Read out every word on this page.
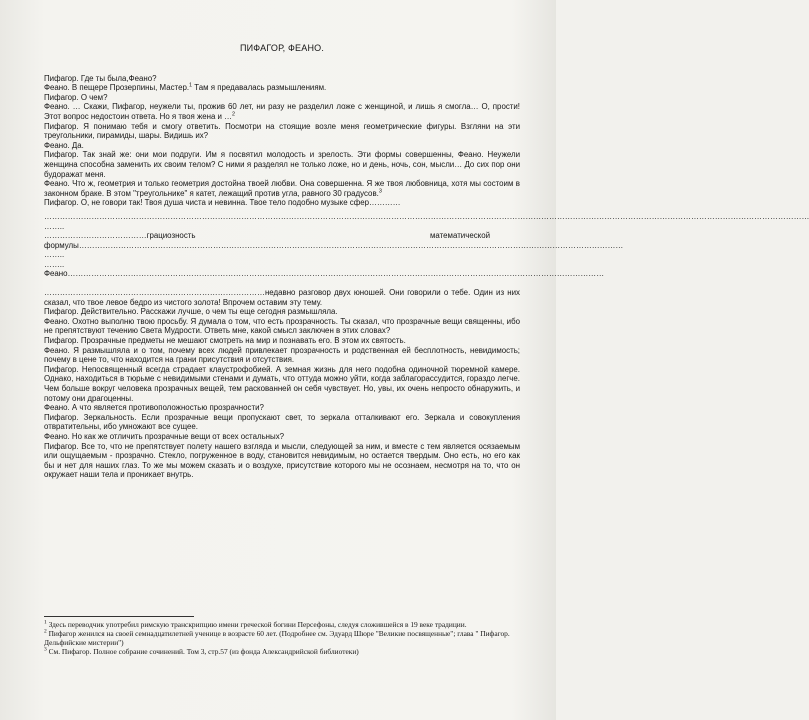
ПИФАГОР, ФЕАНО.

Пифагор. Где ты была,Феано?

Феано. В пещере Прозерпины, Мастер.$^1$ Там я предавалась размышлениям.

Пифагор. О чем?

Феано. … Скажи, Пифагор, неужели ты, прожив 60 лет, ни разу не разделил ложе с женщиной, и лишь я смогла… О, прости! Этот вопрос недостоин ответа. Но я твоя жена и …$^2$

Пифагор. Я понимаю тебя и смогу ответить. Посмотри на стоящие возле меня геометрические фигуры. Взгляни на эти треугольники, пирамиды, шары. Видишь их?

Феано. Да.

Пифагор. Так знай же: они мои подруги. Им я посвятил молодость и зрелость. Эти формы совершенны, Феано. Неужели женщина способна заменить их своим телом? С ними я разделял не только ложе, но и день, ночь, сон, мысли… До сих пор они будоражат меня.

Феано. Что ж, геометрия и только геометрия достойна твоей любви. Она совершенна. Я же твоя любовница, хотя мы состоим в законном браке. В этом "треугольнике" я катет, лежащий против угла, равного 30 градусов.$^3$

Пифагор. О, не говори так! Твоя душа чиста и невинна. Твое тело подобно музыке сфер…………

…………………………………………………………………………………………………………………………………………………………………………………………………………………………………………………………………
……..
…………………………………грациозность	математической
формулы………………………………………………………………………………………………………………………………………………………………………………………
……..
……..
Феано……………………………………………………………………………………………………………………………………………………………………………………

…………………………………………………………………………недавно разговор двух юношей. Они говорили о тебе. Один из них сказал, что твое левое бедро из чистого золота! Впрочем оставим эту тему.

Пифагор. Действительно. Расскажи лучше, о чем ты еще сегодня размышляла.

Феано. Охотно выполню твою просьбу. Я думала о том, что есть прозрачность. Ты сказал, что прозрачные вещи священны, ибо не препятствуют течению Света Мудрости. Ответь мне, какой смысл заключен в этих словах?

Пифагор. Прозрачные предметы не мешают смотреть на мир и познавать его. В этом их святость.

Феано. Я размышляла и о том, почему всех людей привлекает прозрачность и родственная ей бесплотность, невидимость; почему в цене то, что находится на грани присутствия и отсутствия.

Пифагор. Непосвященный всегда страдает клаустрофобией. А земная жизнь для него подобна одиночной тюремной камере. Однако, находиться в тюрьме с невидимыми стенами и думать, что оттуда можно уйти, когда заблагорассудится, гораздо легче. Чем больше вокруг человека прозрачных вещей, тем раскованней он себя чувствует. Но, увы, их очень непросто обнаружить, и потому они драгоценны.

Феано. А что является противоположностью прозрачности?

Пифагор. Зеркальность. Если прозрачные вещи пропускают свет, то зеркала отталкивают его. Зеркала и совокупления отвратительны, ибо умножают все сущее.

Феано. Но как же отличить прозрачные вещи от всех остальных?

Пифагор. Все то, что не препятствует полету нашего взгляда и мысли, следующей за ним, и вместе с тем является осязаемым или ощущаемым - прозрачно. Стекло, погруженное в воду, становится невидимым, но остается твердым. Оно есть, но его как бы и нет для наших глаз. То же мы можем сказать и о воздухе, присутствие которого мы не осознаем, несмотря на то, что он окружает наши тела и проникает внутрь.

$^1$ Здесь переводчик употребил римскую транскрипцию имени греческой богини Персефоны, следуя сложившейся в 19 веке традиции.

$^2$ Пифагор женился на своей семнадцатилетней ученице в возрасте 60 лет. (Подробнее см. Эдуард Шюре "Великие посвященные"; глава " Пифагор. Дельфийские мистерии")

$^3$ См. Пифагор. Полное собрание сочинений. Том 3, стр.57 (из фонда Александрийской библиотеки)
